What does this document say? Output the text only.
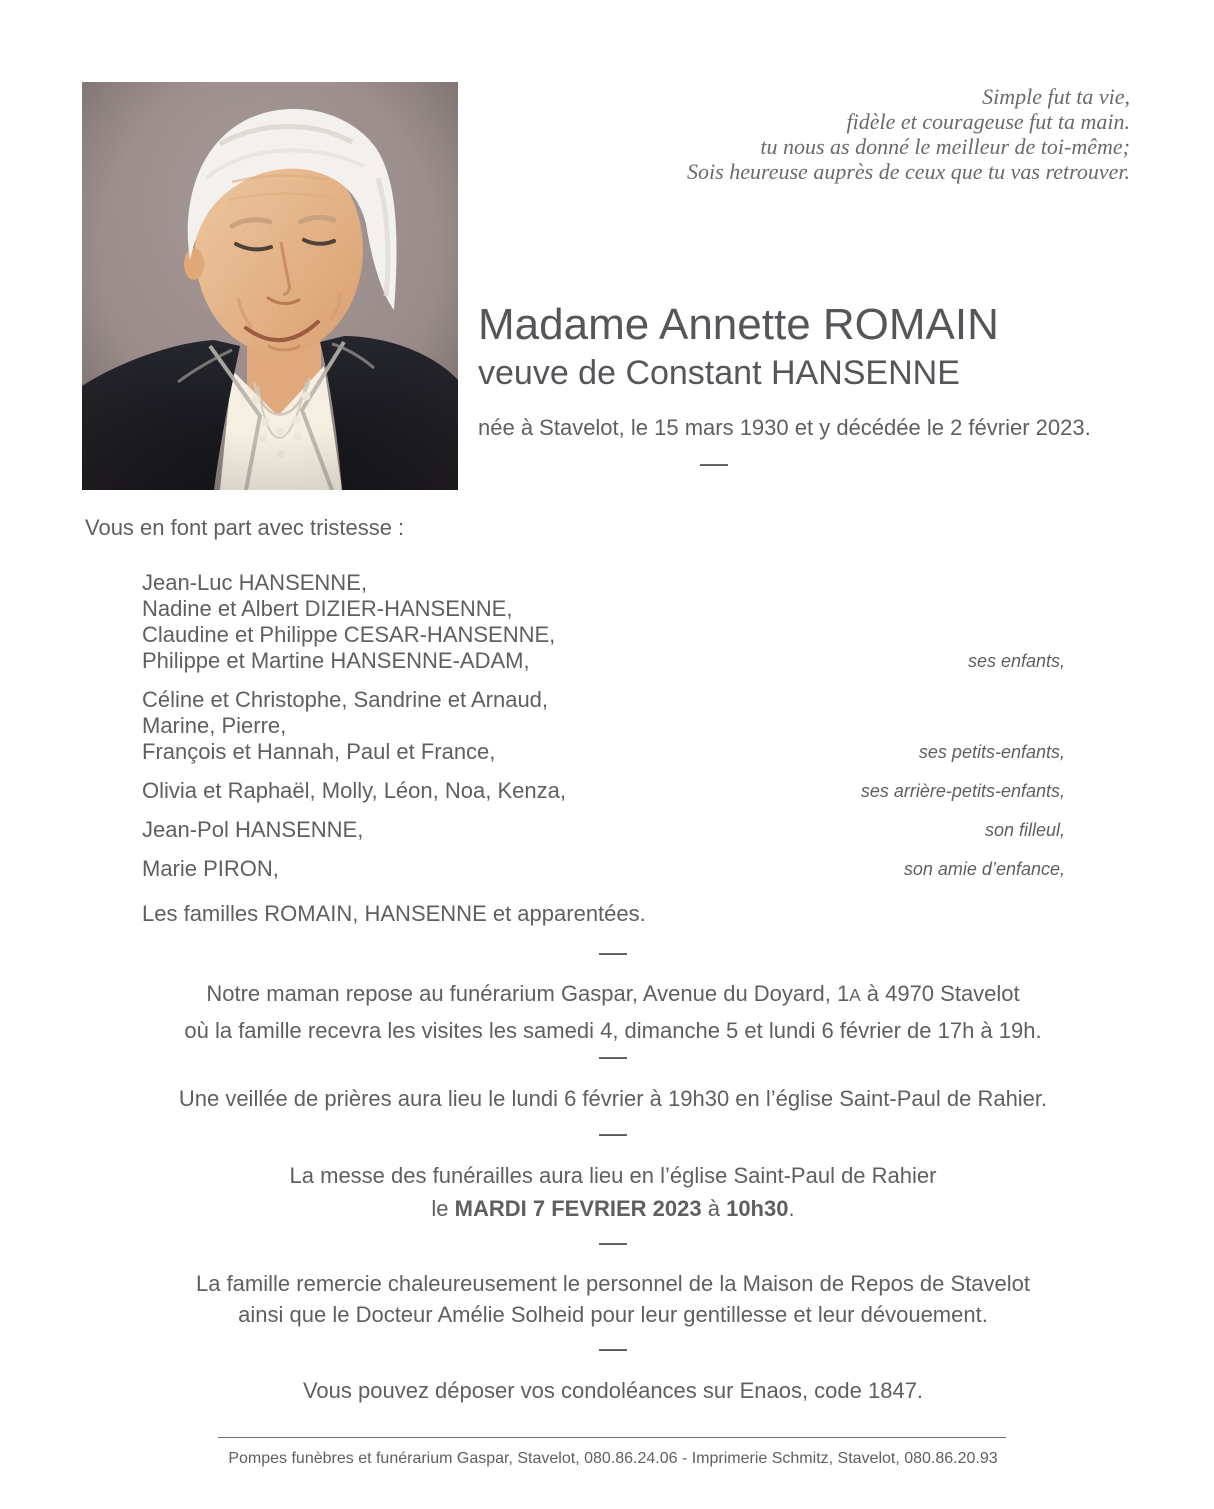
Simple fut ta vie,
fidèle et courageuse fut ta main.
tu nous as donné le meilleur de toi-même;
Sois heureuse auprès de ceux que tu vas retrouver.
Madame Annette ROMAIN
veuve de Constant HANSENNE
née à Stavelot, le 15 mars 1930 et y décédée le 2 février 2023.
—
Vous en font part avec tristesse :
Jean-Luc HANSENNE,
Nadine et Albert DIZIER-HANSENNE,
Claudine et Philippe CESAR-HANSENNE,
Philippe et Martine HANSENNE-ADAM,	ses enfants,
Céline et Christophe, Sandrine et Arnaud,
Marine, Pierre,
François et Hannah, Paul et France,	ses petits-enfants,
Olivia et Raphaël, Molly, Léon, Noa, Kenza,	ses arrière-petits-enfants,
Jean-Pol HANSENNE,	son filleul,
Marie PIRON,	son amie d’enfance,
Les familles ROMAIN, HANSENNE et apparentées.
—
Notre maman repose au funérarium Gaspar, Avenue du Doyard, 1A à 4970 Stavelot
où la famille recevra les visites les samedi 4, dimanche 5 et lundi 6 février de 17h à 19h.
—
Une veillée de prières aura lieu le lundi 6 février à 19h30 en l’église Saint-Paul de Rahier.
—
La messe des funérailles aura lieu en l’église Saint-Paul de Rahier
le MARDI 7 FEVRIER 2023 à 10h30.
—
La famille remercie chaleureusement le personnel de la Maison de Repos de Stavelot
ainsi que le Docteur Amélie Solheid pour leur gentillesse et leur dévouement.
—
Vous pouvez déposer vos condoléances sur Enaos, code 1847.
Pompes funèbres et funérarium Gaspar, Stavelot, 080.86.24.06 - Imprimerie Schmitz, Stavelot, 080.86.20.93
